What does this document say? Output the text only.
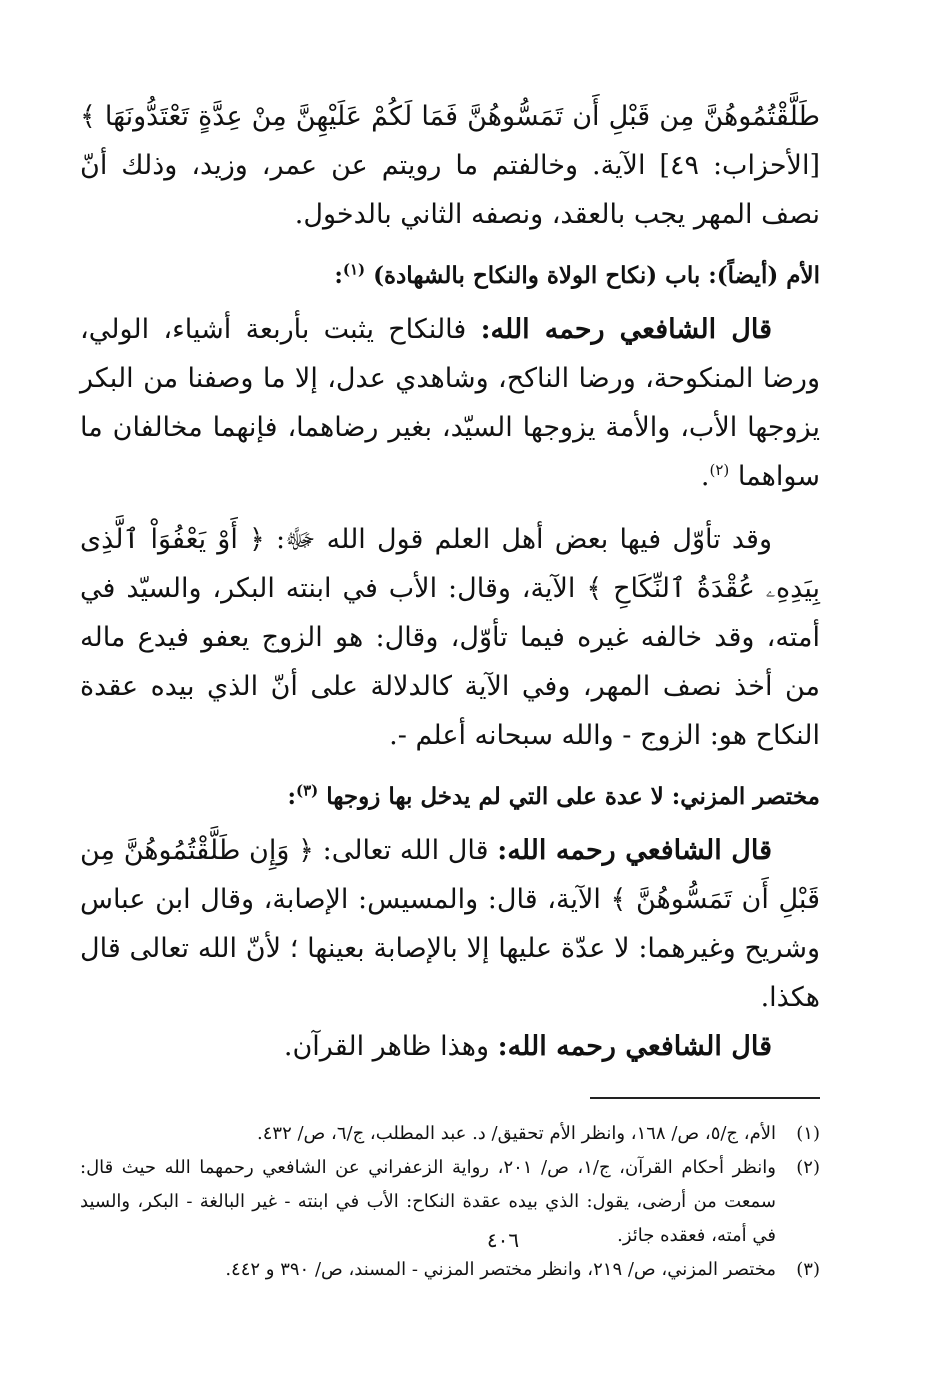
طَلَّقْتُمُوهُنَّ مِن قَبْلِ أَن تَمَسُّوهُنَّ فَمَا لَكُمْ عَلَيْهِنَّ مِنْ عِدَّةٍ تَعْتَدُّونَهَا ﴾ [الأحزاب: ٤٩] الآية. وخالفتم ما رويتم عن عمر، وزيد، وذلك أنّ نصف المهر يجب بالعقد، ونصفه الثاني بالدخول.

الأم (أيضاً): باب (نكاح الولاة والنكاح بالشهادة) $^{(١)}$:

قال الشافعي رحمه الله: فالنكاح يثبت بأربعة أشياء، الولي، ورضا المنكوحة، ورضا الناكح، وشاهدي عدل، إلا ما وصفنا من البكر يزوجها الأب، والأمة يزوجها السيّد، بغير رضاهما، فإنهما مخالفان ما سواهما $^{(٢)}$.

وقد تأوّل فيها بعض أهل العلم قول الله ﷻ: ﴿ أَوْ يَعْفُوَاْ ٱلَّذِى بِيَدِهِۦ عُقْدَةُ ٱلنِّكَاحِ ﴾ الآية، وقال: الأب في ابنته البكر، والسيّد في أمته، وقد خالفه غيره فيما تأوّل، وقال: هو الزوج يعفو فيدع ماله من أخذ نصف المهر، وفي الآية كالدلالة على أنّ الذي بيده عقدة النكاح هو: الزوج - والله سبحانه أعلم -.

مختصر المزني: لا عدة على التي لم يدخل بها زوجها $^{(٣)}$:

قال الشافعي رحمه الله: قال الله تعالى: ﴿ وَإِن طَلَّقْتُمُوهُنَّ مِن قَبْلِ أَن تَمَسُّوهُنَّ ﴾ الآية، قال: والمسيس: الإصابة، وقال ابن عباس وشريح وغيرهما: لا عدّة عليها إلا بالإصابة بعينها ؛ لأنّ الله تعالى قال هكذا.

قال الشافعي رحمه الله: وهذا ظاهر القرآن.

(١)
الأم، ج/٥، ص/ ١٦٨، وانظر الأم تحقيق/ د. عبد المطلب، ج/٦، ص/ ٤٣٢.
(٢)
وانظر أحكام القرآن، ج/١، ص/ ٢٠١، رواية الزعفراني عن الشافعي رحمهما الله حيث قال: سمعت من أرضى، يقول: الذي بيده عقدة النكاح: الأب في ابنته - غير البالغة - البكر، والسيد في أمته، فعقده جائز.
(٣)
مختصر المزني، ص/ ٢١٩، وانظر مختصر المزني - المسند، ص/ ٣٩٠ و ٤٤٢.
٤٠٦
